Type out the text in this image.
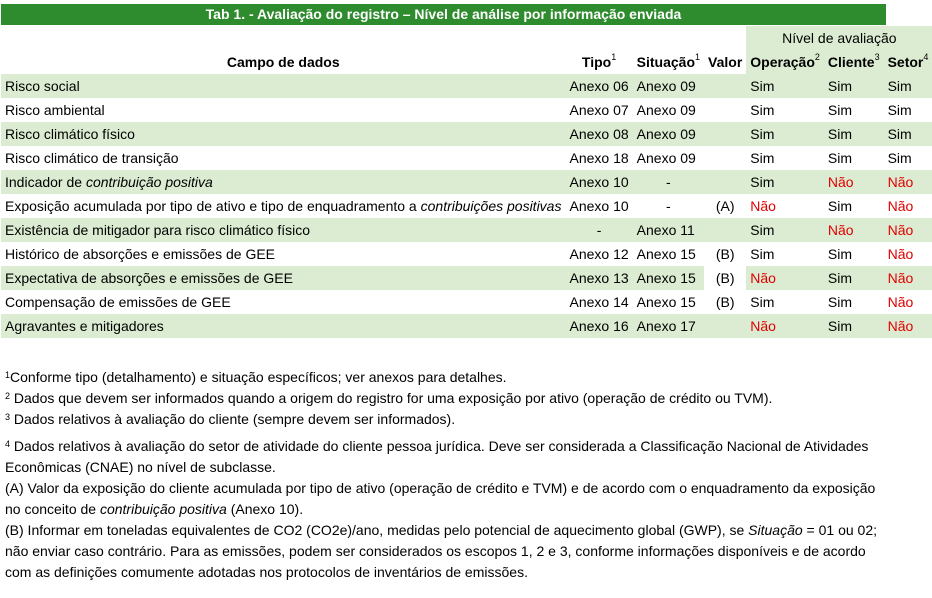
Tab 1. - Avaliação do registro – Nível de análise por informação enviada
Campo de dados	Tipo$^1$	Situação$^1$	Valor	Nível de avaliação		
				Operação$^2$	Cliente$^3$	Setor$^4$
Risco social	Anexo 06	Anexo 09		Sim	Sim	Sim
Risco ambiental	Anexo 07	Anexo 09		Sim	Sim	Sim
Risco climático físico	Anexo 08	Anexo 09		Sim	Sim	Sim
Risco climático de transição	Anexo 18	Anexo 09		Sim	Sim	Sim
Indicador de contribuição positiva	Anexo 10	-		Sim	Não	Não
Exposição acumulada por tipo de ativo e tipo de enquadramento a contribuições positivas	Anexo 10	-	(A)	Não	Sim	Não
Existência de mitigador para risco climático físico	-	Anexo 11		Sim	Não	Não
Histórico de absorções e emissões de GEE	Anexo 12	Anexo 15	(B)	Sim	Sim	Não
Expectativa de absorções e emissões de GEE	Anexo 13	Anexo 15	(B)	Não	Sim	Não
Compensação de emissões de GEE	Anexo 14	Anexo 15	(B)	Sim	Sim	Não
Agravantes e mitigadores	Anexo 16	Anexo 17		Não	Sim	Não

$^1$Conforme tipo (detalhamento) e situação específicos; ver anexos para detalhes.

$^2$ Dados que devem ser informados quando a origem do registro for uma exposição por ativo (operação de crédito ou TVM).

$^3$ Dados relativos à avaliação do cliente (sempre devem ser informados).

$^4$ Dados relativos à avaliação do setor de atividade do cliente pessoa jurídica. Deve ser considerada a Classificação Nacional de Atividades Econômicas (CNAE) no nível de subclasse.

(A) Valor da exposição do cliente acumulada por tipo de ativo (operação de crédito e TVM) e de acordo com o enquadramento da exposição no conceito de contribuição positiva (Anexo 10).

(B) Informar em toneladas equivalentes de CO2 (CO2e)/ano, medidas pelo potencial de aquecimento global (GWP), se Situação = 01 ou 02; não enviar caso contrário. Para as emissões, podem ser considerados os escopos 1, 2 e 3, conforme informações disponíveis e de acordo com as definições comumente adotadas nos protocolos de inventários de emissões.
